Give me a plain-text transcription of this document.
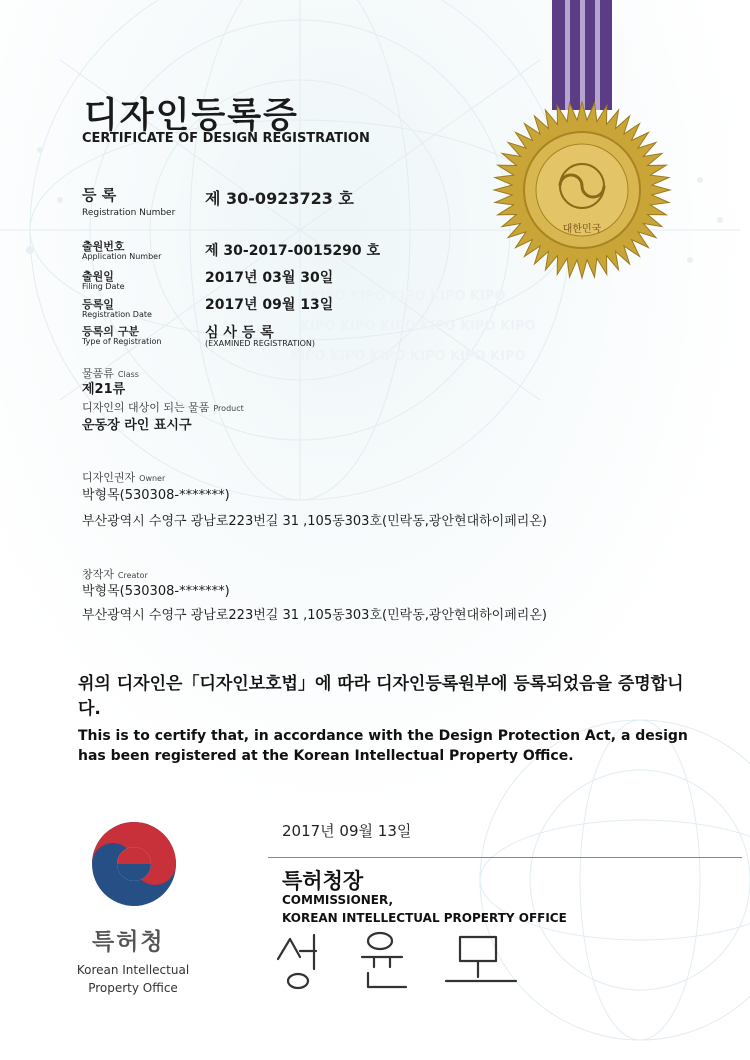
KIPO KIPO KIPO KIPO KIPO
KIPO KIPO KIPO KIPO KIPO KIPO
KIPO KIPO KIPO KIPO KIPO KIPO
대한민국
디자인등록증
CERTIFICATE OF DESIGN REGISTRATION
등 록
Registration Number
제 30-0923723 호
출원번호
Application Number	제 30-2017-0015290 호
출원일
Filing Date
2017년 03월 30일
등록일
Registration Date
2017년 09월 13일
등록의 구분
Type of Registration
심 사 등 록
(EXAMINED REGISTRATION)
물품류 Class
제21류
디자인의 대상이 되는 물품 Product
운동장 라인 표시구
디자인권자 Owner
박형목(530308-*******)
부산광역시 수영구 광남로223번길 31 ,105동303호(민락동,광안현대하이페리온)
창작자 Creator
박형목(530308-*******)
부산광역시 수영구 광남로223번길 31 ,105동303호(민락동,광안현대하이페리온)
위의 디자인은「디자인보호법」에 따라 디자인등록원부에 등록되었음을 증명합니다.
This is to certify that, in accordance with the Design Protection Act, a design has been registered at the Korean Intellectual Property Office.
특허청
Korean Intellectual
Property Office
2017년 09월 13일
특허청장
COMMISSIONER,
KOREAN INTELLECTUAL PROPERTY OFFICE
